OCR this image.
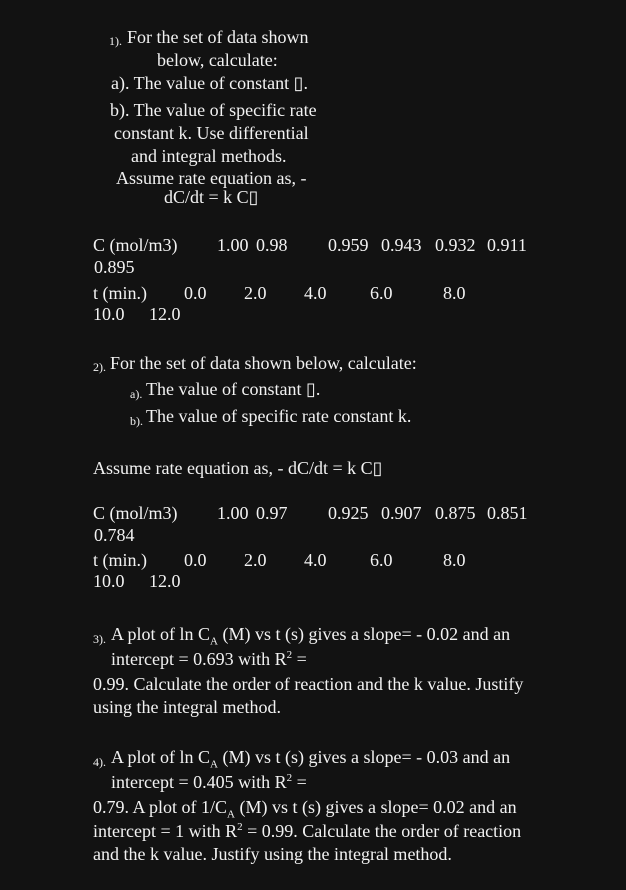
1). For the set of data shown
below, calculate:
a). The value of constant ▯.
b). The value of specific rate
constant k. Use differential
and integral methods.
Assume rate equation as, -
dC/dt = k C▯
C (mol/m3) 1.00 0.98 0.959 0.943 0.932 0.911
0.895
t (min.) 0.0 2.0 4.0 6.0	8.0
10.0 12.0
2). For the set of data shown below, calculate:
a). The value of constant ▯.
b). The value of specific rate constant k.
Assume rate equation as, - dC/dt = k C▯
C (mol/m3) 1.00 0.97 0.925 0.907 0.875 0.851
0.784
t (min.) 0.0 2.0 4.0 6.0	8.0
10.0 12.0
3). A plot of $\ln C_A$ (M) vs t (s) gives a slope= - 0.02 and an
intercept = 0.693 with $R^2$ =
0.99. Calculate the order of reaction and the k value. Justify
using the integral method.
4). A plot of $\ln C_A$ (M) vs t (s) gives a slope= - 0.03 and an
intercept = 0.405 with $R^2$ =
0.79. A plot of $1/C_A$ (M) vs t (s) gives a slope= 0.02 and an
intercept = 1 with $R^2 = 0.99$. Calculate the order of reaction
and the k value. Justify using the integral method.
